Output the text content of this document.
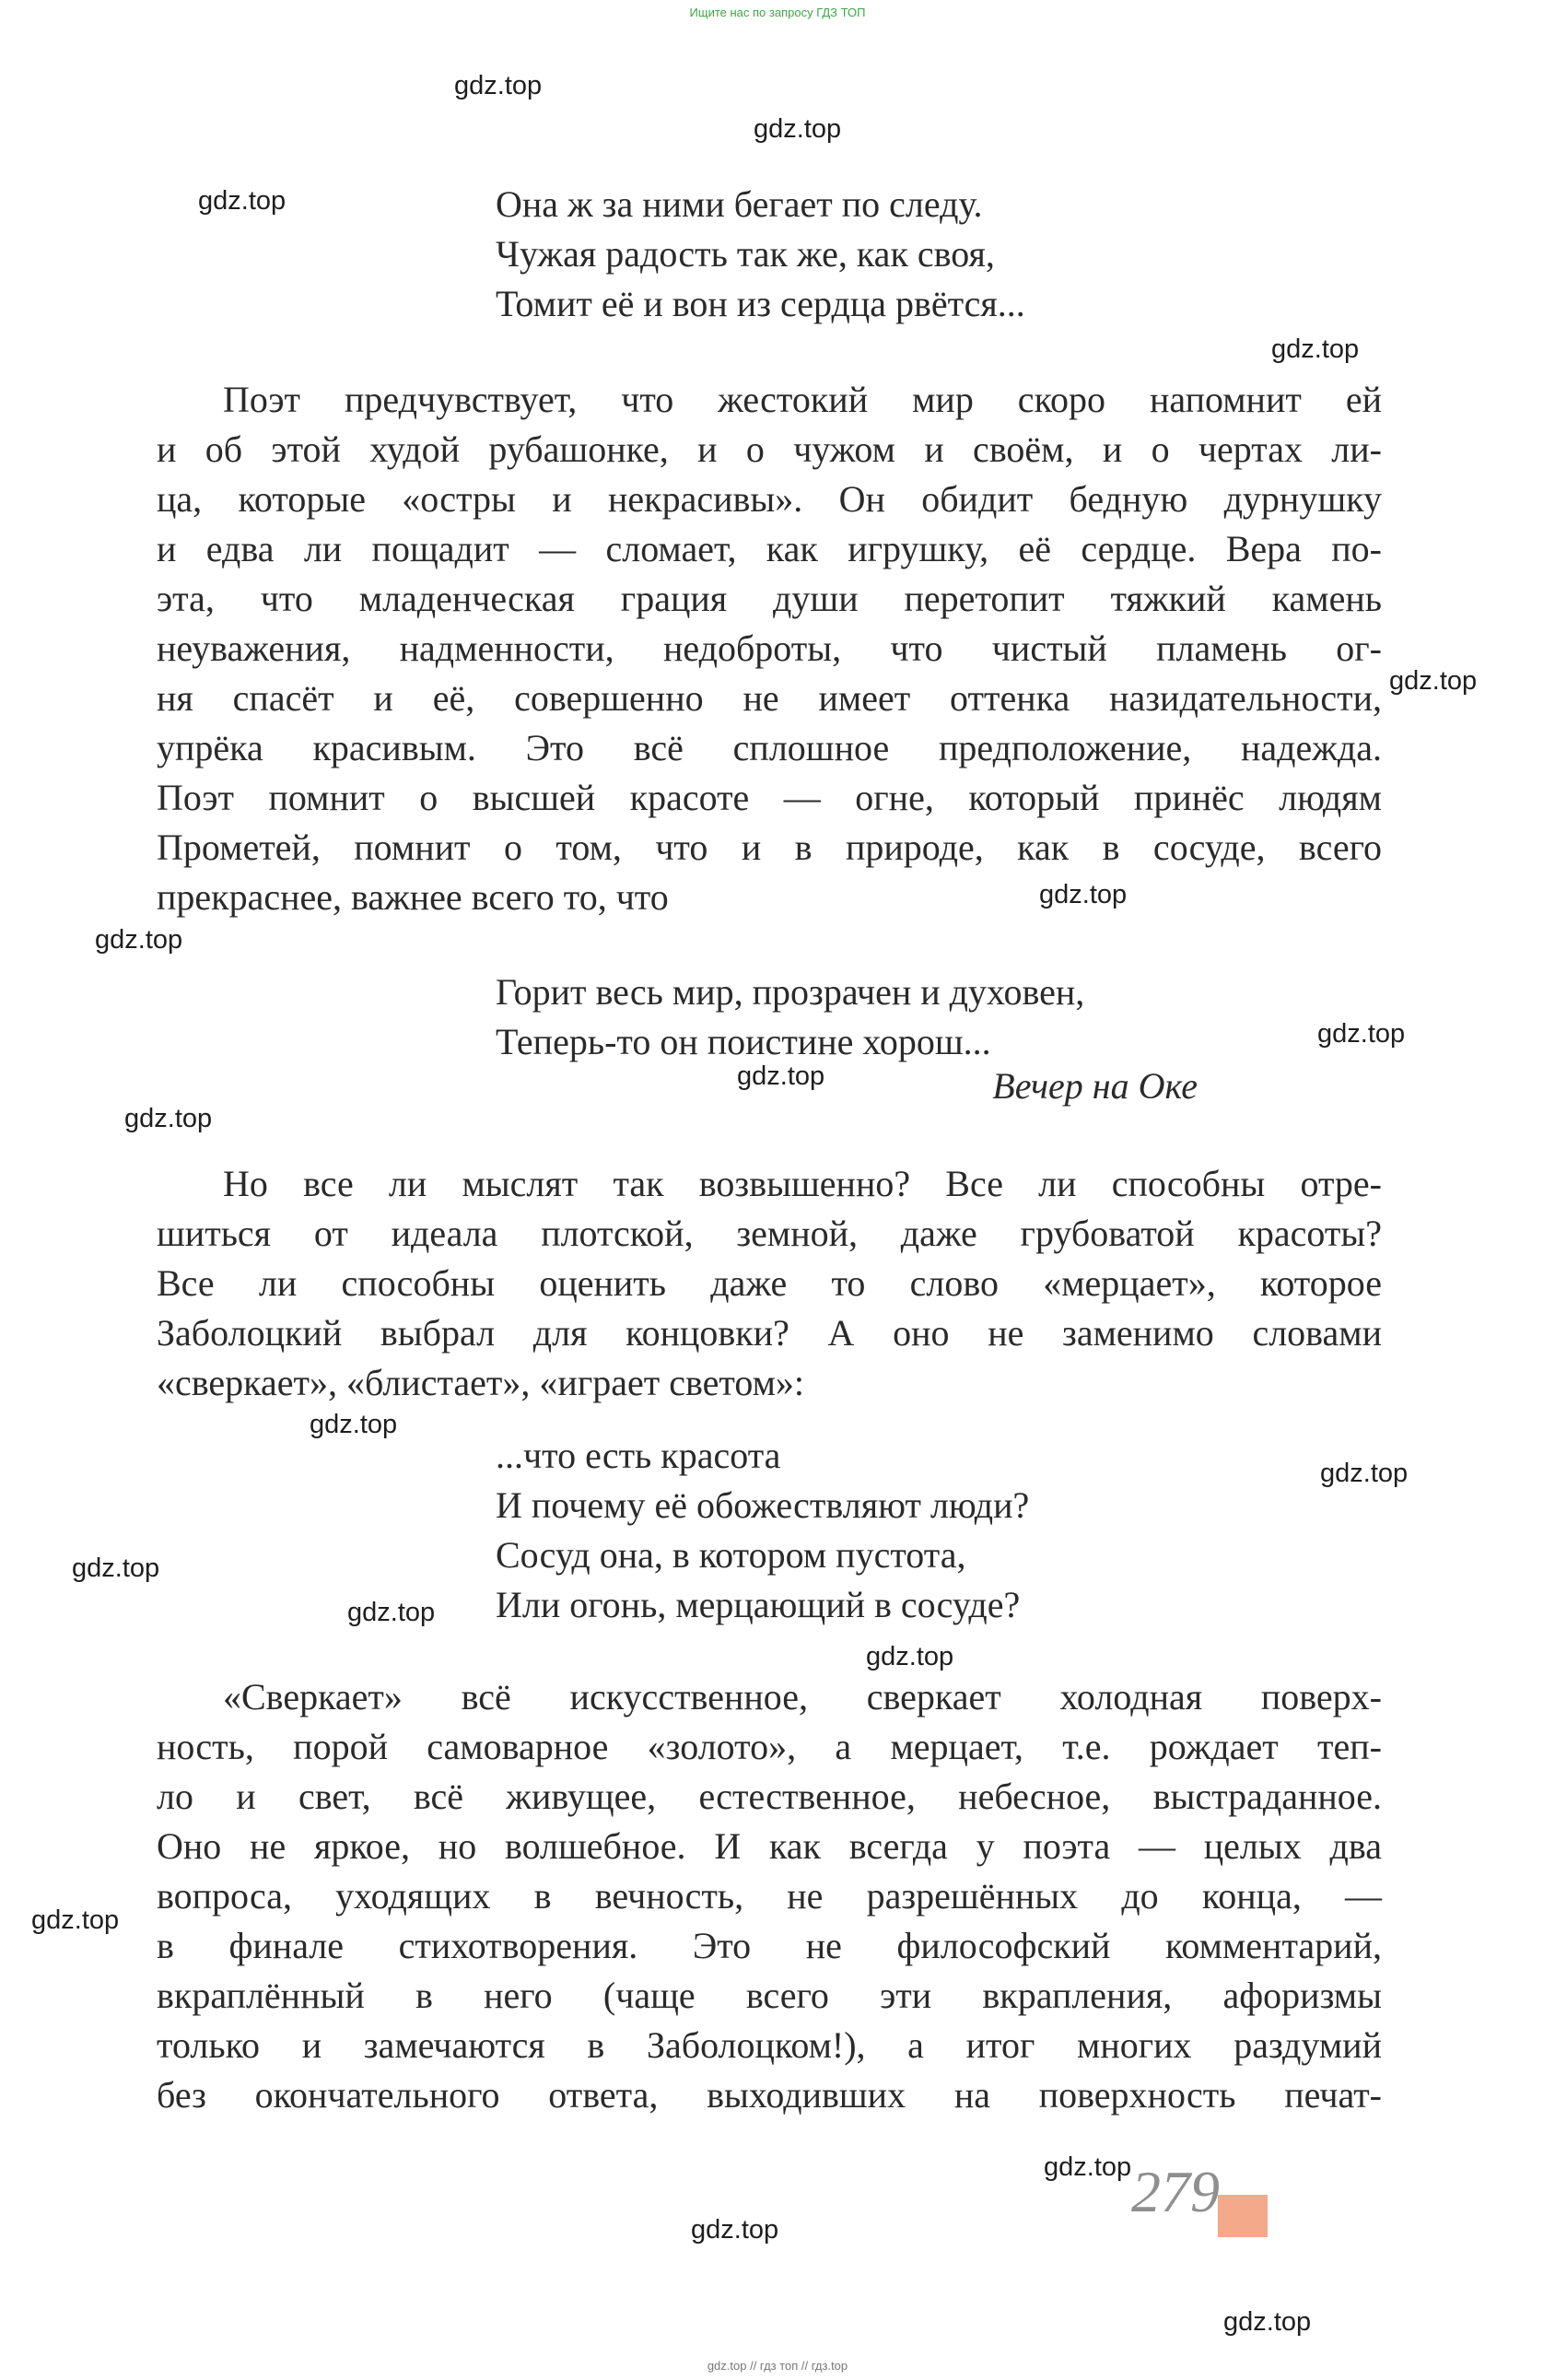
Ищите нас по запросу ГДЗ ТОП
gdz.top
gdz.top
gdz.top
gdz.top
gdz.top
gdz.top
gdz.top
gdz.top
gdz.top
gdz.top
gdz.top
gdz.top
gdz.top
gdz.top
gdz.top
gdz.top
gdz.top
gdz.top
gdz.top
Она ж за ними бегает по следу.
Чужая радость так же, как своя,
Томит её и вон из сердца рвётся...
Поэт предчувствует, что жестокий мир скоро напомнит ей
и об этой худой рубашонке, и о чужом и своём, и о чертах ли-
ца, которые «остры и некрасивы». Он обидит бедную дурнушку
и едва ли пощадит — сломает, как игрушку, её сердце. Вера по-
эта, что младенческая грация души перетопит тяжкий камень
неуважения, надменности, недоброты, что чистый пламень ог-
ня спасёт и её, совершенно не имеет оттенка назидательности,
упрёка красивым. Это всё сплошное предположение, надежда.
Поэт помнит о высшей красоте — огне, который принёс людям
Прометей, помнит о том, что и в природе, как в сосуде, всего
прекраснее, важнее всего то, что
Горит весь мир, прозрачен и духовен,
Теперь-то он поистине хорош...
Вечер на Оке
Но все ли мыслят так возвышенно? Все ли способны отре-
шиться от идеала плотской, земной, даже грубоватой красоты?
Все ли способны оценить даже то слово «мерцает», которое
Заболоцкий выбрал для концовки? А оно не заменимо словами
«сверкает», «блистает», «играет светом»:
...что есть красота
И почему её обожествляют люди?
Сосуд она, в котором пустота,
Или огонь, мерцающий в сосуде?
«Сверкает» всё искусственное, сверкает холодная поверх-
ность, порой самоварное «золото», а мерцает, т.е. рождает теп-
ло и свет, всё живущее, естественное, небесное, выстраданное.
Оно не яркое, но волшебное. И как всегда у поэта — целых два
вопроса, уходящих в вечность, не разрешённых до конца, —
в финале стихотворения. Это не философский комментарий,
вкраплённый в него (чаще всего эти вкрапления, афоризмы
только и замечаются в Заболоцком!), а итог многих раздумий
без окончательного ответа, выходивших на поверхность печат-
279
gdz.top // гдз топ // гдз.top
